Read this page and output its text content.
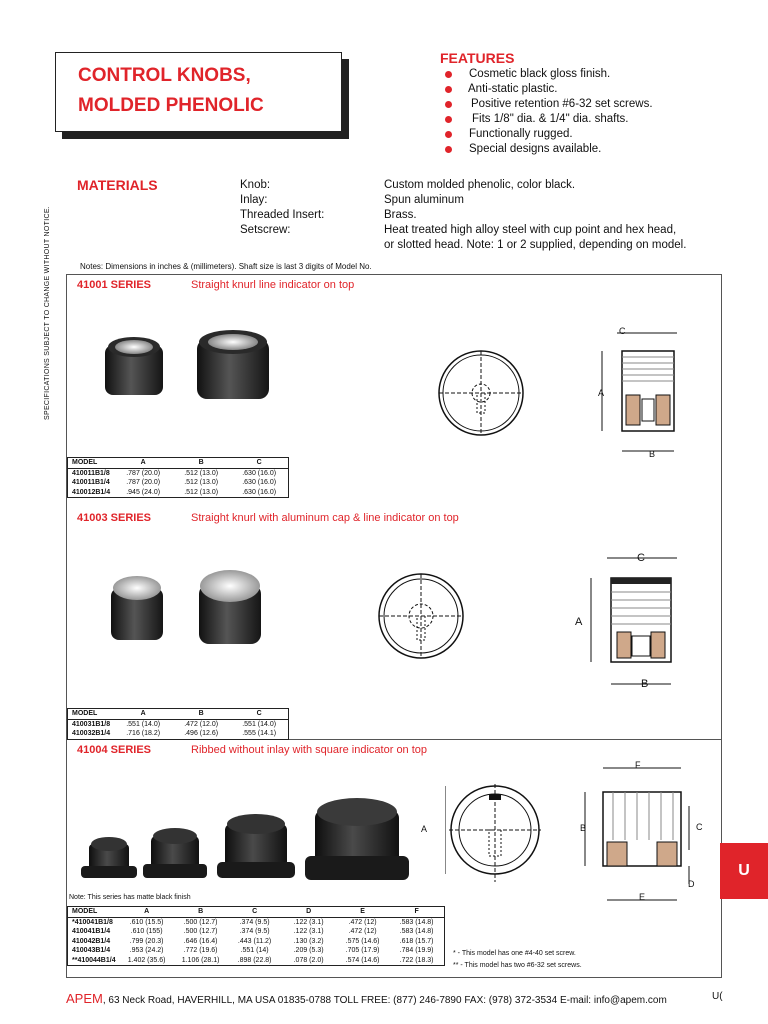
CONTROL KNOBS,
MOLDED PHENOLIC
FEATURES
Cosmetic black gloss finish.
Anti-static plastic.
Positive retention #6-32 set screws.
Fits 1/8" dia. & 1/4" dia. shafts.
Functionally rugged.
Special designs available.
MATERIALS	Knob:	Custom molded phenolic, color black.
Inlay:	Spun aluminum
Threaded Insert:	Brass.
Setscrew:	Heat treated high alloy steel with cup point and hex head,
or slotted head. Note: 1 or 2 supplied, depending on model.
SPECIFICATIONS SUBJECT TO CHANGE WITHOUT NOTICE.	Notes: Dimensions in inches & (millimeters). Shaft size is last 3 digits of Model No.
41001 SERIES	Straight knurl line indicator on top
C
A
B
MODEL	A	B	C
410011B1/8	.787 (20.0)	.512 (13.0)	.630 (16.0)
410011B1/4	.787 (20.0)	.512 (13.0)	.630 (16.0)
410012B1/4	.945 (24.0)	.512 (13.0)	.630 (16.0)
41003 SERIES	Straight knurl with aluminum cap & line indicator on top
C
A
B
MODEL	A	B	C
410031B1/8	.551 (14.0)	.472 (12.0)	.551 (14.0)
410032B1/4	.716 (18.2)	.496 (12.6)	.555 (14.1)
41004 SERIES	Ribbed without inlay with square indicator on top
A
F
B	C
D
E
Note: This series has matte black finish
MODEL	A	B	C	D	E	F
*410041B1/8	.610 (15.5)	.500 (12.7)	.374 (9.5)	.122 (3.1)	.472 (12)	.583 (14.8)
410041B1/4	.610 (155)	.500 (12.7)	.374 (9.5)	.122 (3.1)	.472 (12)	.583 (14.8)
410042B1/4	.799 (20.3)	.646 (16.4)	.443 (11.2)	.130 (3.2)	.575 (14.6)	.618 (15.7)
410043B1/4	.953 (24.2)	.772 (19.6)	.551 (14)	.209 (5.3)	.705 (17.9)	.784 (19.9)
**410044B1/4	1.402 (35.6)	1.106 (28.1)	.898 (22.8)	.078 (2.0)	.574 (14.6)	.722 (18.3)
* - This model has one #4-40 set screw.
** - This model has two #6-32 set screws.
U
APEM, 63 Neck Road, HAVERHILL, MA USA 01835-0788 TOLL FREE: (877) 246-7890 FAX: (978) 372-3534 E-mail: info@apem.com	U(
